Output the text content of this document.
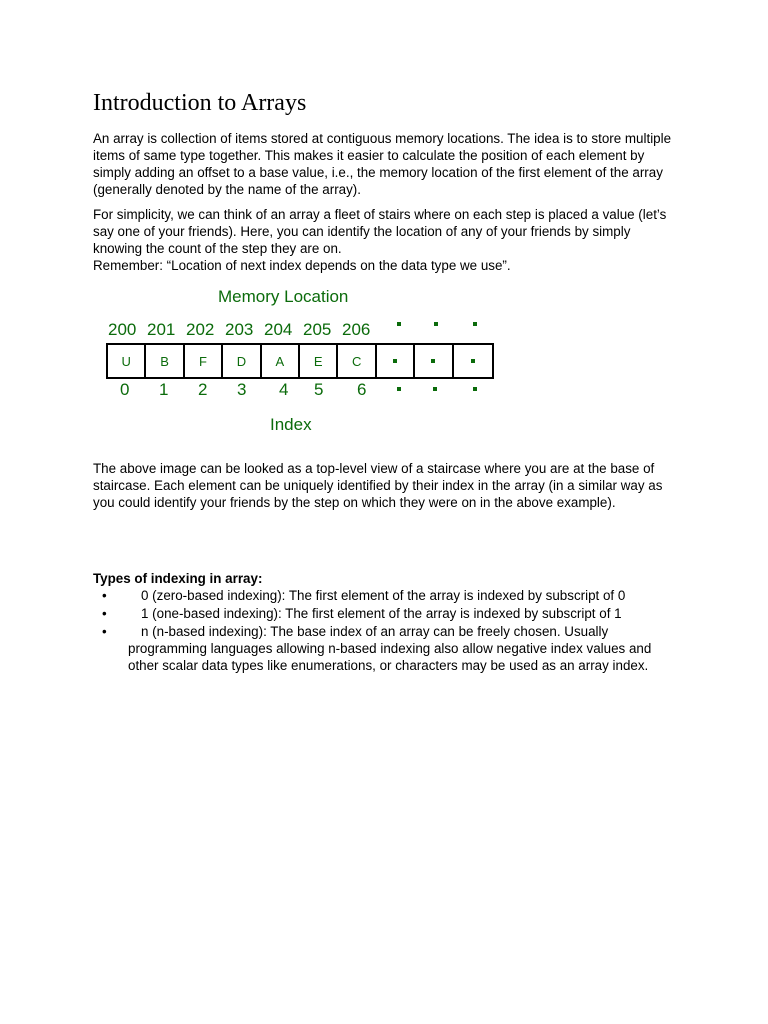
Introduction to Arrays

An array is collection of items stored at contiguous memory locations. The idea is to store multiple items of same type together. This makes it easier to calculate the position of each element by simply adding an offset to a base value, i.e., the memory location of the first element of the array (generally denoted by the name of the array).

For simplicity, we can think of an array a fleet of stairs where on each step is placed a value (let’s say one of your friends). Here, you can identify the location of any of your friends by simply knowing the count of the step they are on.
Remember: “Location of next index depends on the data type we use”.
Memory Location
200 201 202 203 204 205 206
U	B	F	D	A	E	C
0 1 2 3 4 5 6
Index

The above image can be looked as a top-level view of a staircase where you are at the base of staircase. Each element can be uniquely identified by their index in the array (in a similar way as you could identify your friends by the step on which they were on in the above example).

Types of indexing in array:

•	0 (zero-based indexing): The first element of the array is indexed by subscript of 0
•	1 (one-based indexing): The first element of the array is indexed by subscript of 1
•	n (n-based indexing): The base index of an array can be freely chosen. Usually programming languages allowing n-based indexing also allow negative index values and other scalar data types like enumerations, or characters may be used as an array index.
